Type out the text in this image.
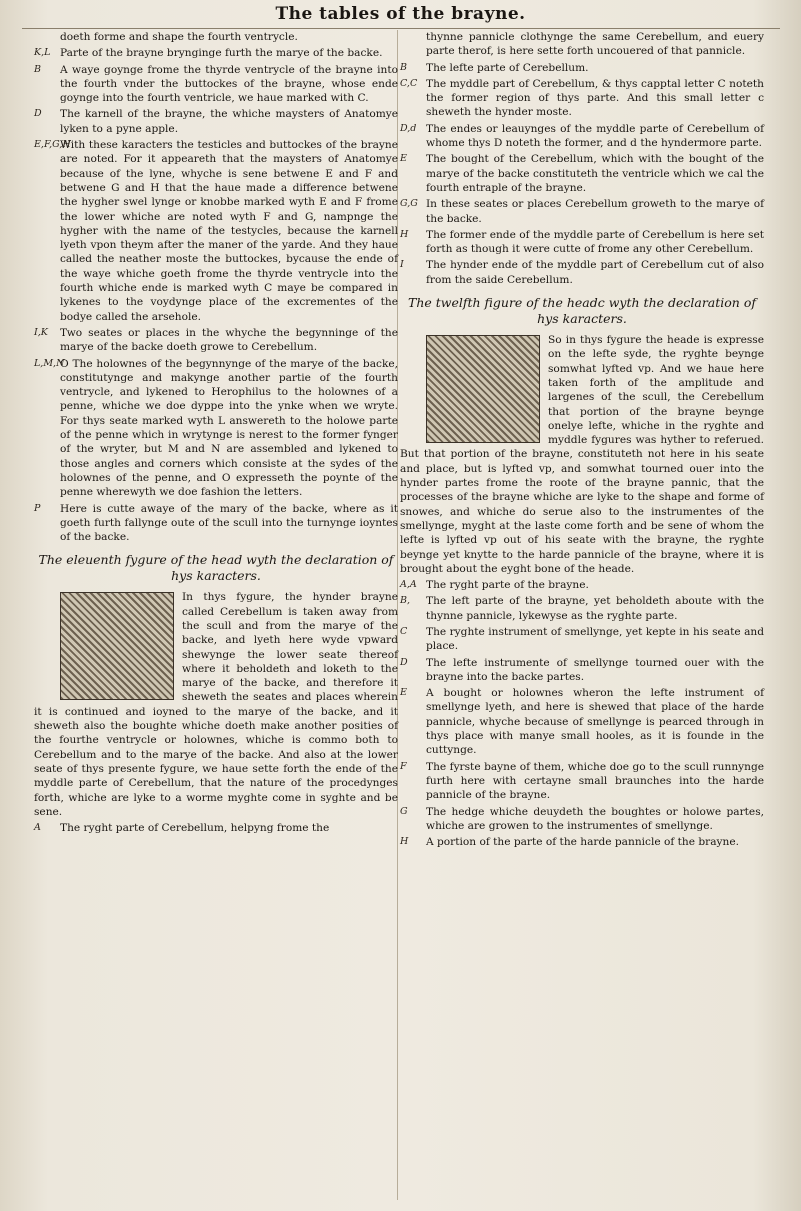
The tables of the brayne.
doeth forme and shape the fourth ventrycle.
K,L Parte of the brayne brynginge furth the marye of the backe.
B	A waye goynge frome the thyrde ventrycle of the brayne into the fourth vnder the buttockes of the brayne, whose ende goynge into the fourth ventricle, we haue marked with C.
D	The karnell of the brayne, the whiche maysters of Anatomye lyken to a pyne apple.
E,F,G,H
With these karacters the testicles and buttockes of the brayne are noted. For it appeareth that the maysters of Anatomye because of the lyne, whyche is sene betwene E and F and betwene G and H that the haue made a difference betwene the hygher swel lynge or knobbe marked wyth E and F frome the lower whiche are noted wyth F and G, nampnge the hygher with the name of the testycles, because the karnell lyeth vpon theym after the maner of the yarde. And they haue called the neather moste the buttockes, bycause the ende of the waye whiche goeth frome the thyrde ventrycle into the fourth whiche ende is marked wyth C maye be compared in lykenes to the voydynge place of the excrementes of the bodye called the arsehole.
I,K	Two seates or places in the whyche the begynninge of the marye of the backe doeth growe to Cerebellum.
L,M,N
O The holownes of the begynnynge of the marye of the backe, constitutynge and makynge another partie of the fourth ventrycle, and lykened to Herophilus to the holownes of a penne, whiche we doe dyppe into the ynke when we wryte. For thys seate marked wyth L answereth to the holowe parte of the penne which in wrytynge is nerest to the former fynger of the wryter, but M and N are assembled and lykened to those angles and corners which consiste at the sydes of the holownes of the penne, and O expresseth the poynte of the penne wherewyth we doe fashion the letters.
P	Here is cutte awaye of the mary of the backe, where as it goeth furth fallynge oute of the scull into the turnynge ioyntes of the backe.
The eleuenth fygure of the head wyth the declaration of hys karacters.
In thys fygure, the hynder brayne called Cerebellum is taken away from the scull and from the marye of the backe, and lyeth here wyde vpward shewynge the lower seate thereof where it beholdeth and loketh to the marye of the backe, and therefore it sheweth the seates and places wherein it is continued and ioyned to the marye of the backe, and it sheweth also the boughte whiche doeth make another posities of the fourthe ventrycle or holownes, whiche is commo both to Cerebellum and to the marye of the backe. And also at the lower seate of thys presente fygure, we haue sette forth the ende of the myddle parte of Cerebellum, that the nature of the procedynges forth, whiche are lyke to a worme myghte come in syghte and be sene.
A	The ryght parte of Cerebellum, helpyng frome the
thynne pannicle clothynge the same Cerebellum, and euery parte therof, is here sette forth uncouered of that pannicle.
B	The lefte parte of Cerebellum.
C,C The myddle part of Cerebellum, & thys capptal letter C noteth the former region of thys parte. And this small letter c sheweth the hynder moste.
D,d The endes or leauynges of the myddle parte of Cerebellum of whome thys D noteth the former, and d the hyndermore parte.
E	The bought of the Cerebellum, which with the bought of the marye of the backe constituteth the ventricle which we cal the fourth entraple of the brayne.
G,G In these seates or places Cerebellum groweth to the marye of the backe.
H	The former ende of the myddle parte of Cerebellum is here set forth as though it were cutte of frome any other Cerebellum.
I	The hynder ende of the myddle part of Cerebellum cut of also from the saide Cerebellum.
The twelfth figure of the headc wyth the declaration of hys karacters.
So in thys fygure the heade is expresse on the lefte syde, the ryghte beynge somwhat lyfted vp. And we haue here taken forth of the amplitude and largenes of the scull, the Cerebellum that portion of the brayne beynge onelye lefte, whiche in the ryghte and myddle fygures was hyther to referued. But that portion of the brayne, constituteth not here in his seate and place, but is lyfted vp, and somwhat tourned ouer into the hynder partes frome the roote of the brayne pannic, that the processes of the brayne whiche are lyke to the shape and forme of snowes, and whiche do serue also to the instrumentes of the smellynge, myght at the laste come forth and be sene of whom the lefte is lyfted vp out of his seate with the brayne, the ryghte beynge yet knytte to the harde pannicle of the brayne, where it is brought about the eyght bone of the heade.
A,A The ryght parte of the brayne.
B,	The left parte of the brayne, yet beholdeth aboute with the thynne pannicle, lykewyse as the ryghte parte.
C	The ryghte instrument of smellynge, yet kepte in his seate and place.
D	The lefte instrumente of smellynge tourned ouer with the brayne into the backe partes.
E	A bought or holownes wheron the lefte instrument of smellynge lyeth, and here is shewed that place of the harde pannicle, whyche because of smellynge is pearced through in thys place with manye small hooles, as it is founde in the cuttynge.
F	The fyrste bayne of them, whiche doe go to the scull runnynge furth here with certayne small braunches into the harde pannicle of the brayne.
G	The hedge whiche deuydeth the boughtes or holowe partes, whiche are growen to the instrumentes of smellynge.
H	A portion of the parte of the harde pannicle of the brayne.
